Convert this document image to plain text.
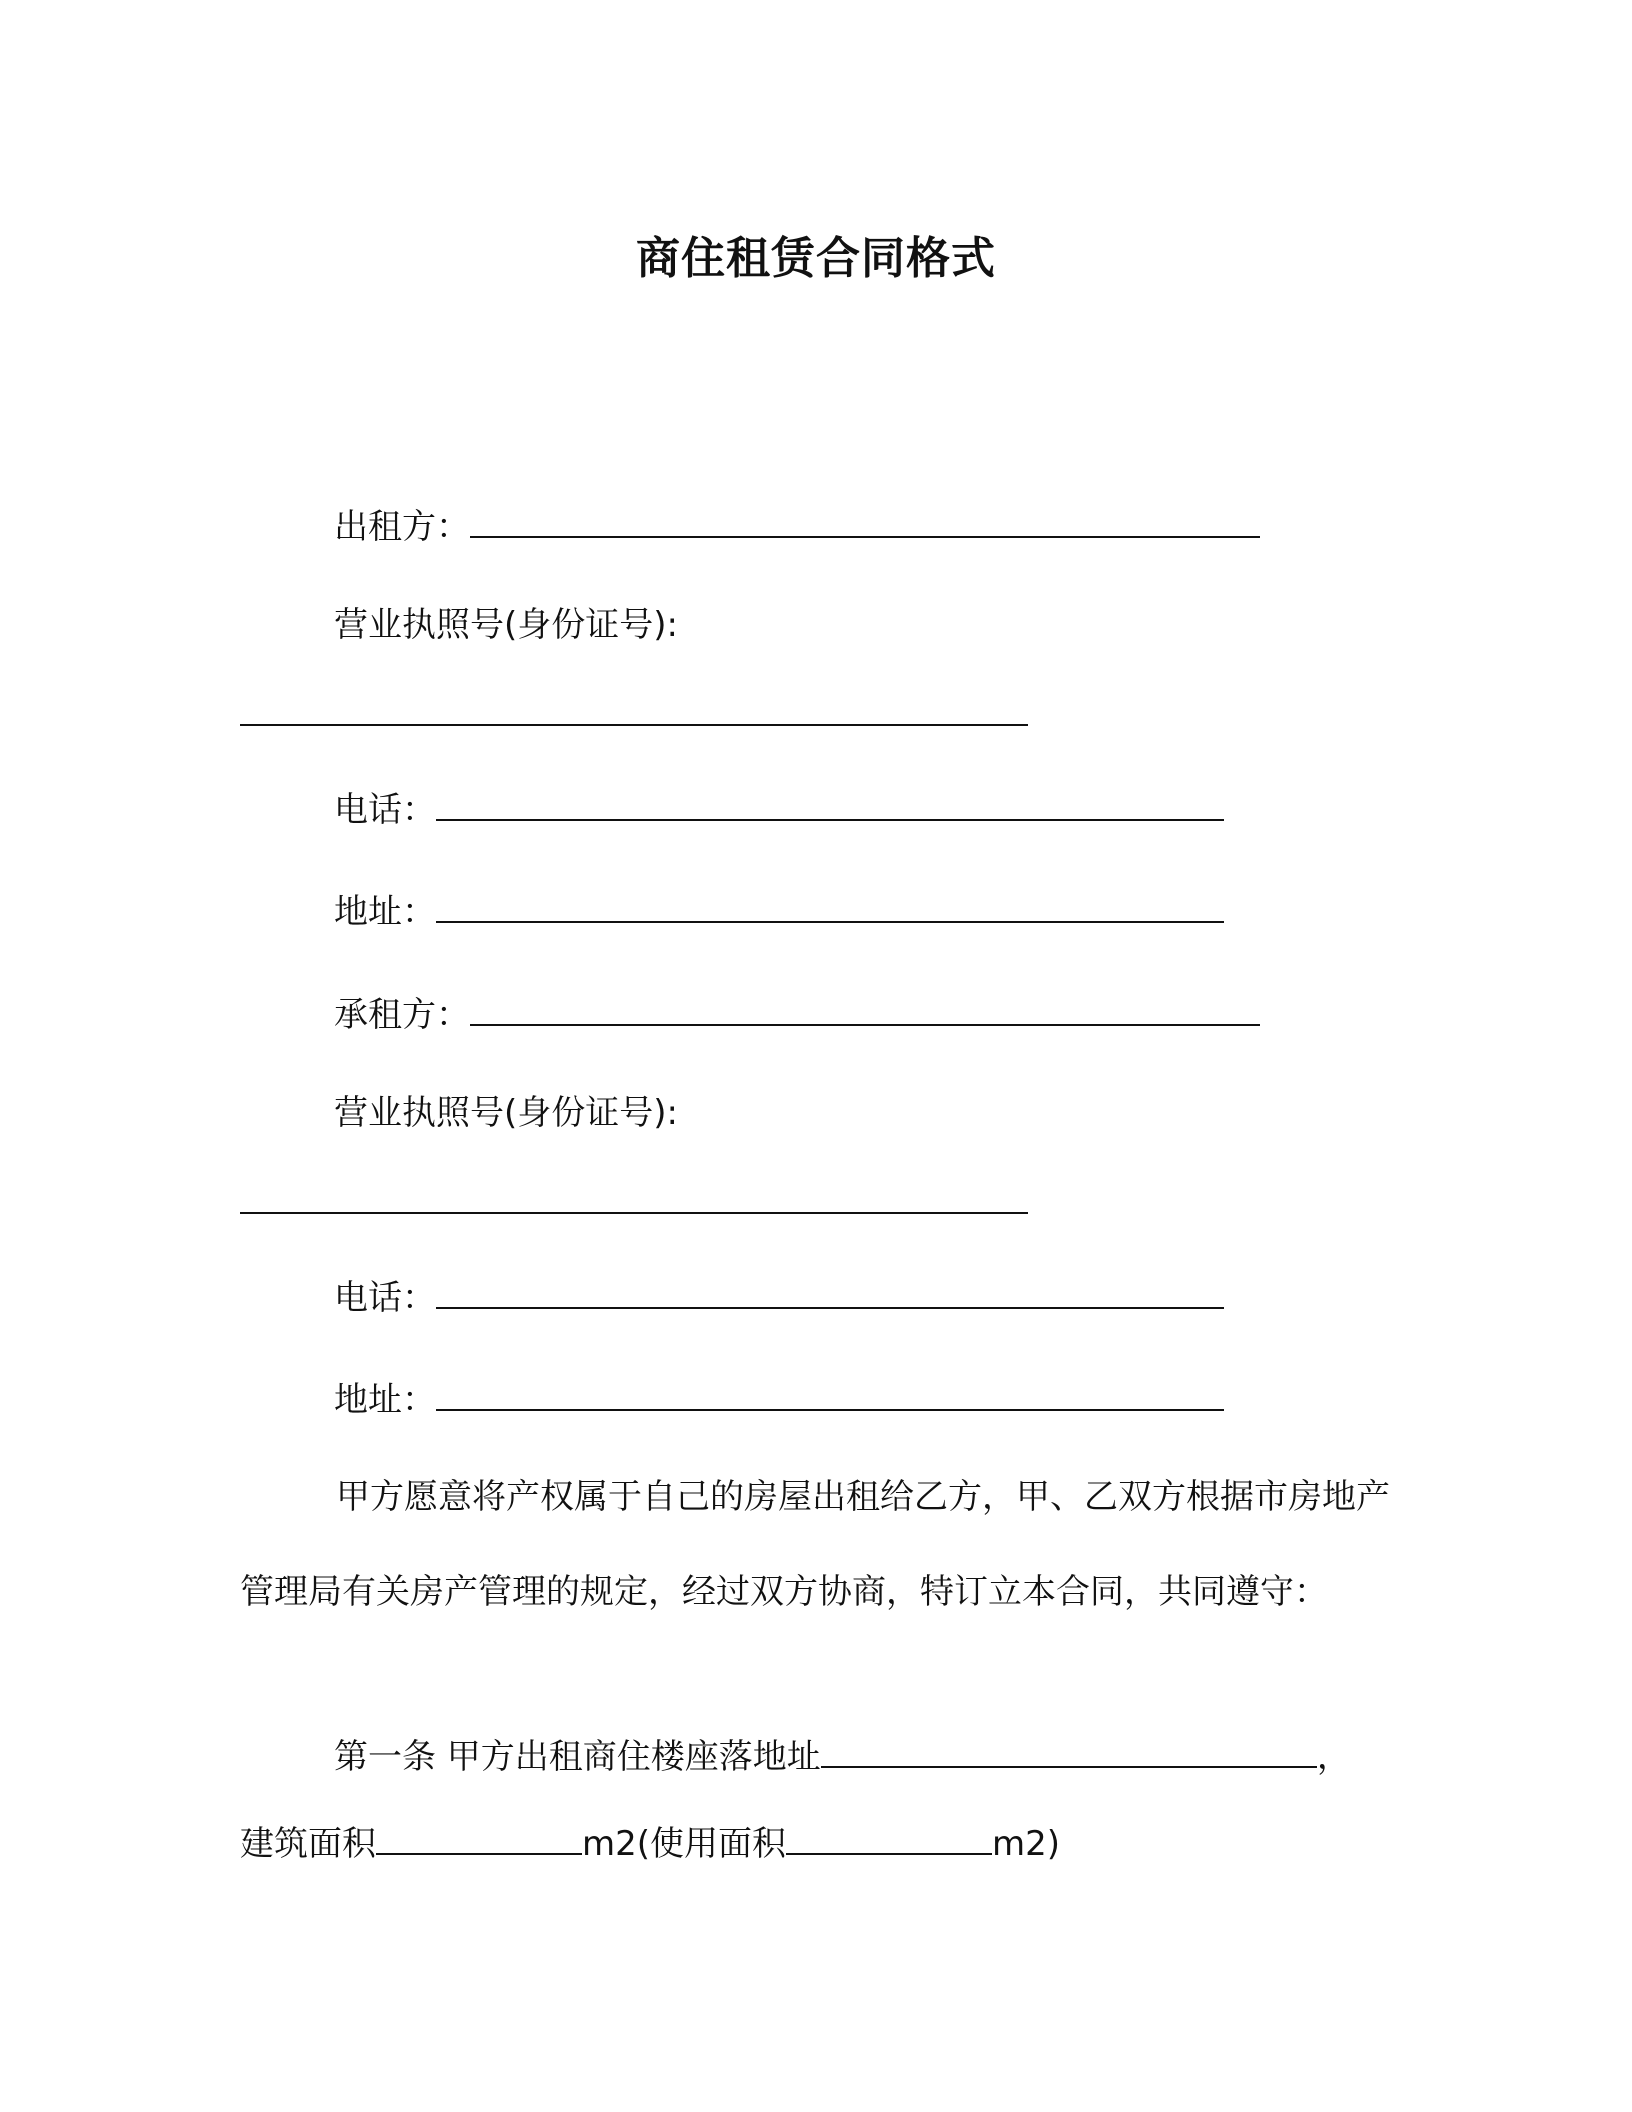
商住租赁合同格式
出租方：
营业执照号(身份证号):
电话：
地址：
承租方：
营业执照号(身份证号):
电话：
地址：
甲方愿意将产权属于自己的房屋出租给乙方，甲、乙双方根据市房地产管理局有关房产管理的规定，经过双方协商，特订立本合同，共同遵守：
第一条 甲方出租商住楼座落地址	，
建筑面积	m2(使用面积	m2)
